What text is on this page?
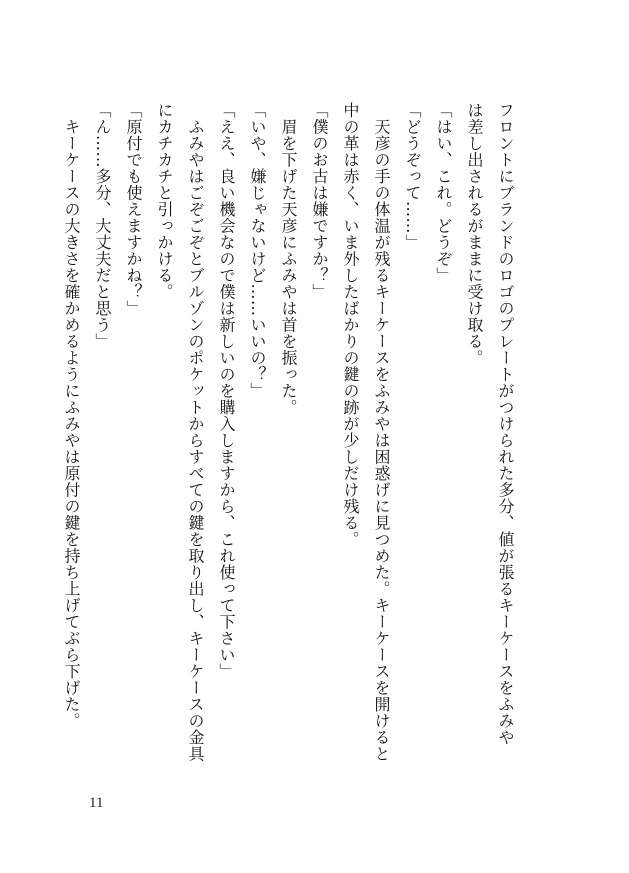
フロントにブランドのロゴのプレートがつけられた多分、値が張るキーケースをふみや

は差し出されるがままに受け取る。

「はい、これ。どうぞ」

「どうぞって……」

　天彦の手の体温が残るキーケースをふみやは困惑げに見つめた。キーケースを開けると

中の革は赤く、いま外したばかりの鍵の跡が少しだけ残る。

「僕のお古は嫌ですか？」

　眉を下げた天彦にふみやは首を振った。

「いや、嫌じゃないけど……いいの？」

「ええ、良い機会なので僕は新しいのを購入しますから、これ使って下さい」

　ふみやはごぞごぞとブルゾンのポケットからすべての鍵を取り出し、キーケースの金具

にカチカチと引っかける。

「原付でも使えますかね？」

「ん……多分、大丈夫だと思う」

　キーケースの大きさを確かめるようにふみやは原付の鍵を持ち上げてぶら下げた。

11
